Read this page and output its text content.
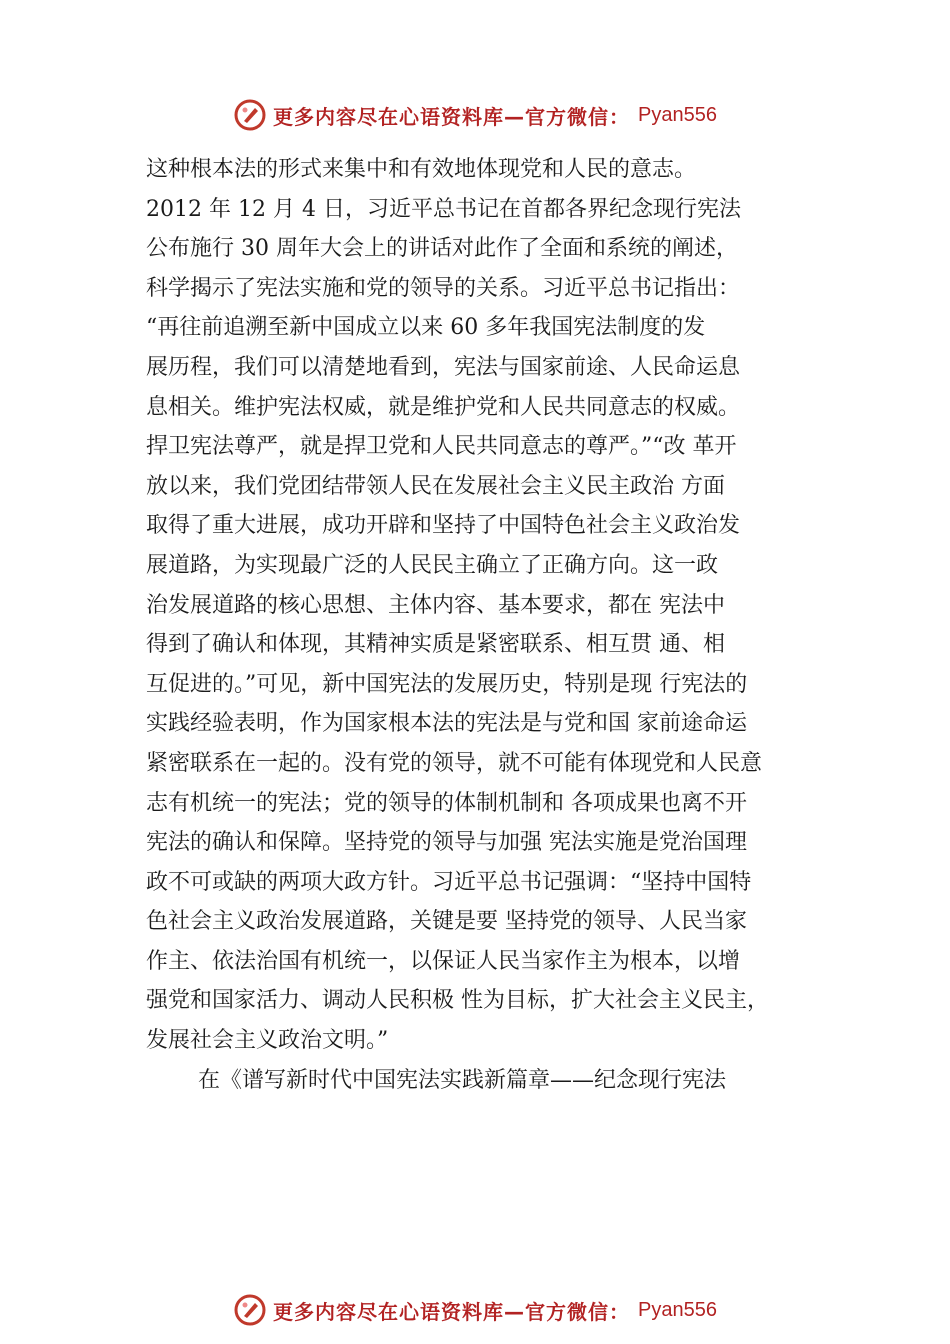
更多内容尽在心语资料库—官方微信： Pyan556
这种根本法的形式来集中和有效地体现党和人民的意志。
2012 年 12 月 4 日，习近平总书记在首都各界纪念现行宪法
公布施行 30 周年大会上的讲话对此作了全面和系统的阐述，
科学揭示了宪法实施和党的领导的关系。习近平总书记指出：
“再往前追溯至新中国成立以来 60 多年我国宪法制度的发
展历程，我们可以清楚地看到，宪法与国家前途、人民命运息
息相关。维护宪法权威，就是维护党和人民共同意志的权威。
捍卫宪法尊严，就是捍卫党和人民共同意志的尊严。”“改 革开
放以来，我们党团结带领人民在发展社会主义民主政治 方面
取得了重大进展，成功开辟和坚持了中国特色社会主义政治发
展道路，为实现最广泛的人民民主确立了正确方向。这一政
治发展道路的核心思想、主体内容、基本要求，都在 宪法中
得到了确认和体现，其精神实质是紧密联系、相互贯 通、相
互促进的。”可见，新中国宪法的发展历史，特别是现 行宪法的
实践经验表明，作为国家根本法的宪法是与党和国 家前途命运
紧密联系在一起的。没有党的领导，就不可能有体现党和人民意
志有机统一的宪法；党的领导的体制机制和 各项成果也离不开
宪法的确认和保障。坚持党的领导与加强 宪法实施是党治国理
政不可或缺的两项大政方针。习近平总书记强调：“坚持中国特
色社会主义政治发展道路，关键是要 坚持党的领导、人民当家
作主、依法治国有机统一，以保证人民当家作主为根本，以增
强党和国家活力、调动人民积极 性为目标，扩大社会主义民主，
发展社会主义政治文明。”
在《谱写新时代中国宪法实践新篇章——纪念现行宪法
更多内容尽在心语资料库—官方微信： Pyan556
